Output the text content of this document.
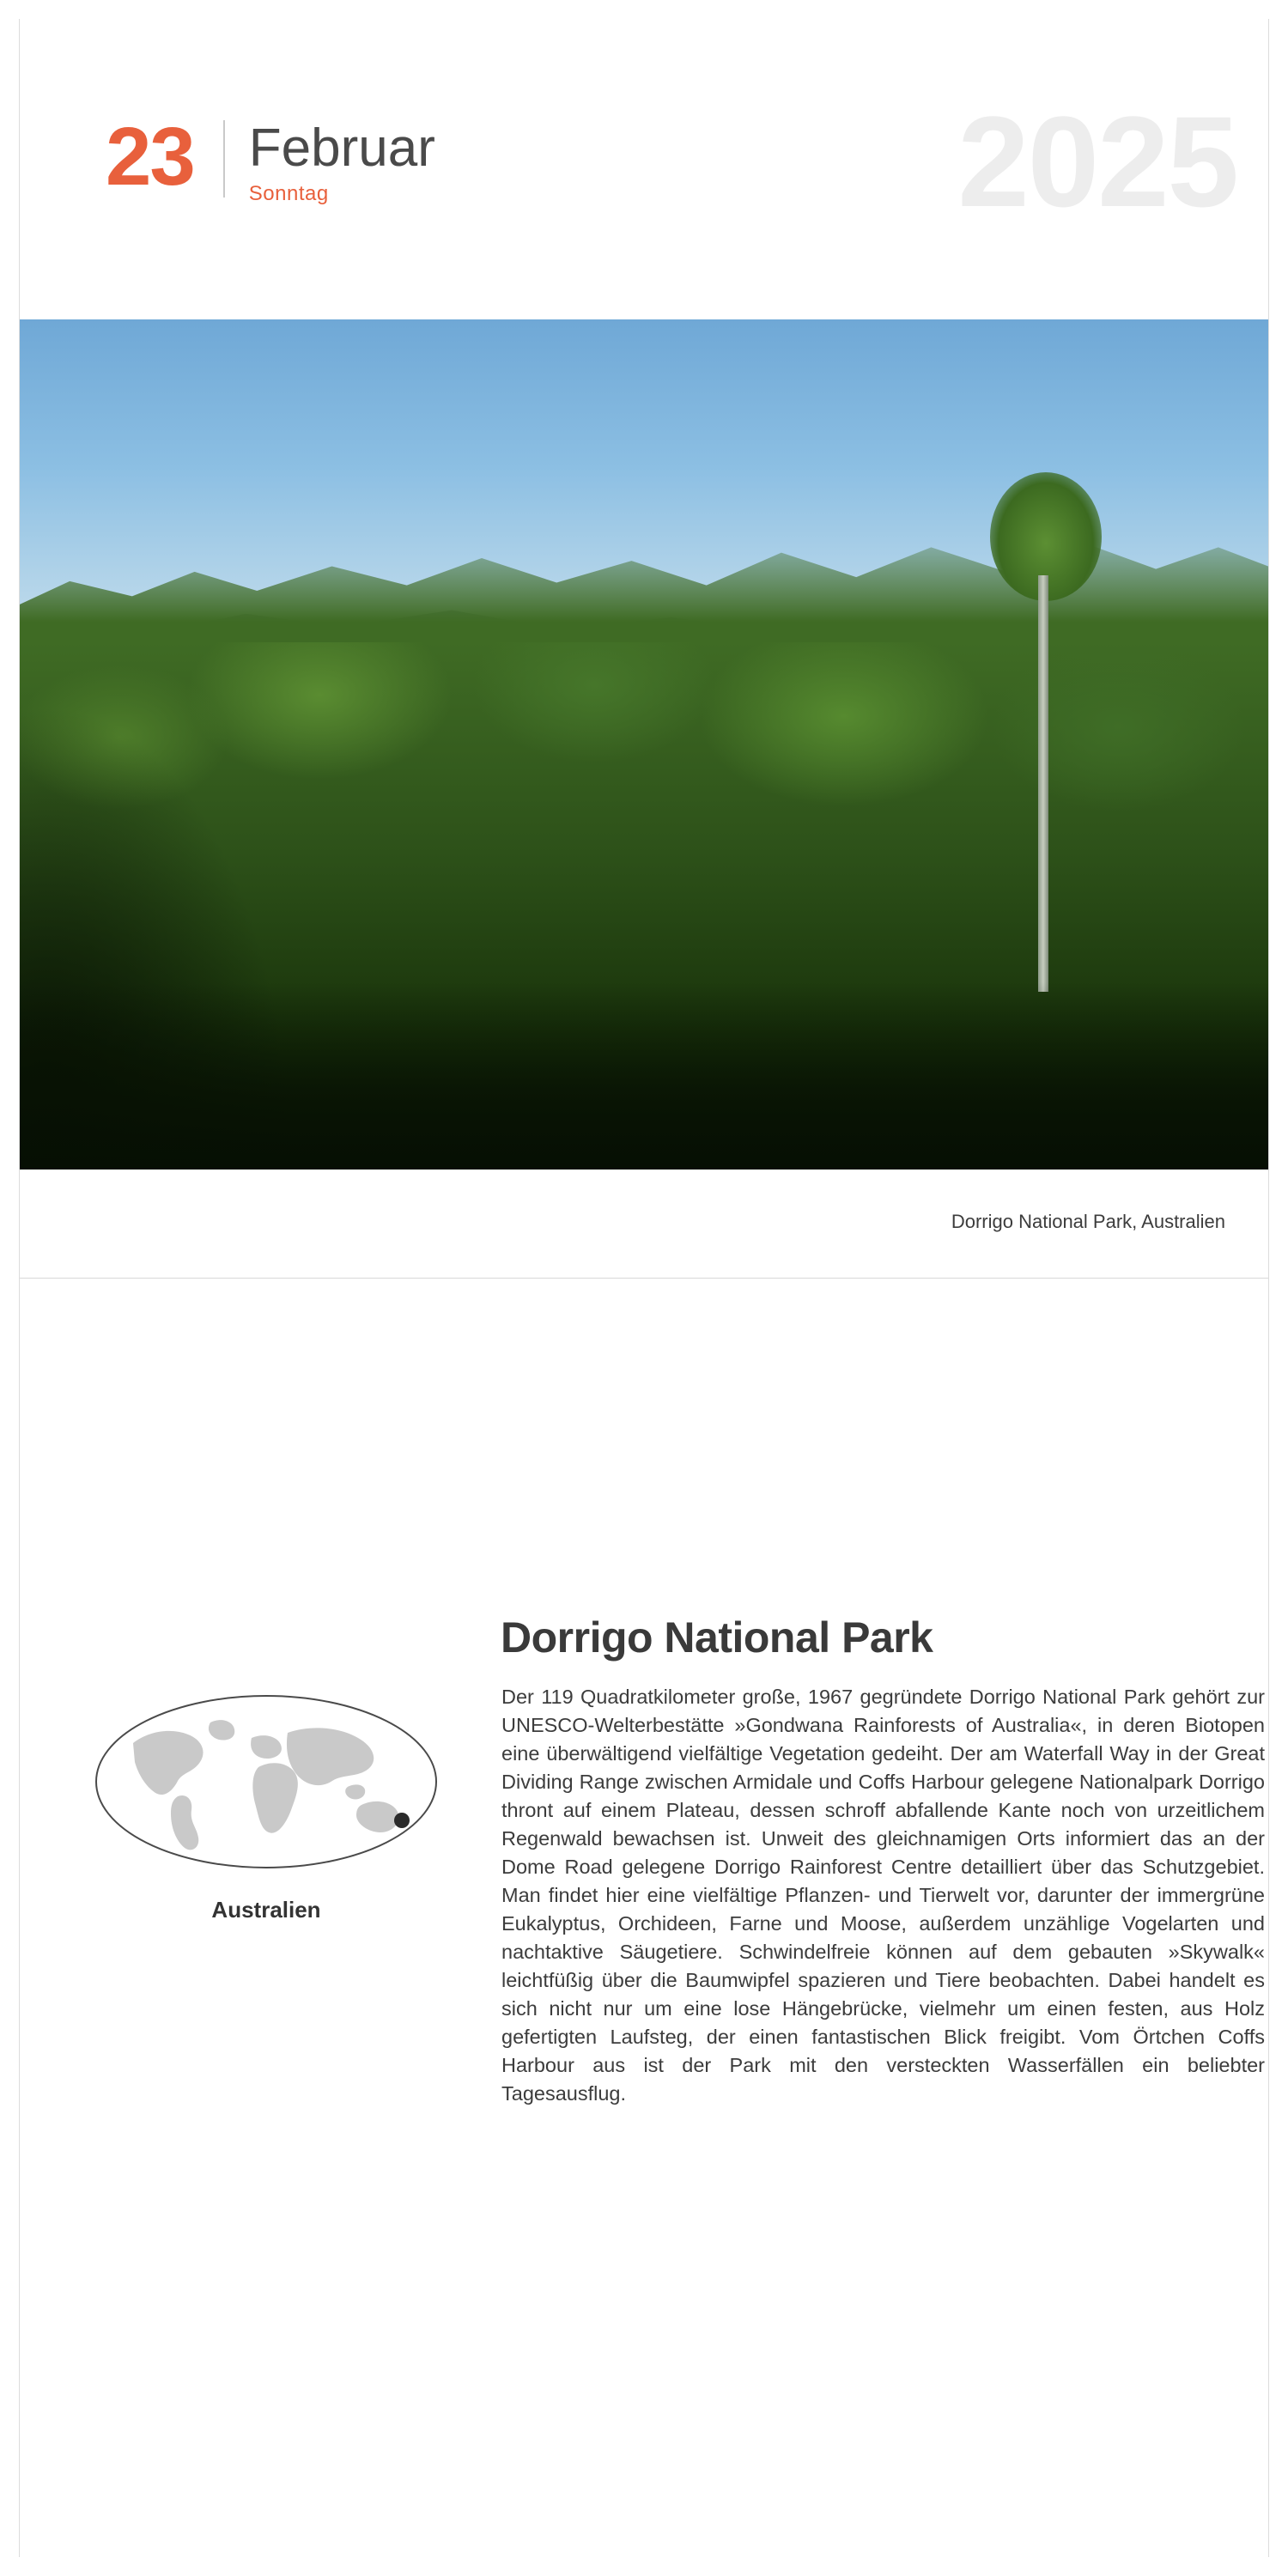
23 Februar
Sonntag	2025
Dorrigo National Park, Australien
Australien
Dorrigo National Park
Der 119 Quadratkilometer große, 1967 gegründete Dorrigo National Park gehört zur UNESCO-Welterbestätte »Gondwana Rainforests of Australia«, in deren Biotopen eine überwältigend vielfältige Vegetation gedeiht. Der am Waterfall Way in der Great Dividing Range zwischen Armidale und Coffs Harbour gelegene Nationalpark Dorrigo thront auf einem Plateau, dessen schroff abfallende Kante noch von urzeitlichem Regenwald bewachsen ist. Unweit des gleichnamigen Orts informiert das an der Dome Road gelegene Dorrigo Rainforest Centre detailliert über das Schutzgebiet. Man findet hier eine vielfältige Pflanzen- und Tierwelt vor, darunter der immergrüne Eukalyptus, Orchideen, Farne und Moose, außerdem unzählige Vogelarten und nachtaktive Säugetiere. Schwindelfreie können auf dem gebauten »Skywalk« leichtfüßig über die Baumwipfel spazieren und Tiere beobachten. Dabei handelt es sich nicht nur um eine lose Hängebrücke, vielmehr um einen festen, aus Holz gefertigten Laufsteg, der einen fantastischen Blick freigibt. Vom Örtchen Coffs Harbour aus ist der Park mit den versteckten Wasserfällen ein beliebter Tagesausflug.
